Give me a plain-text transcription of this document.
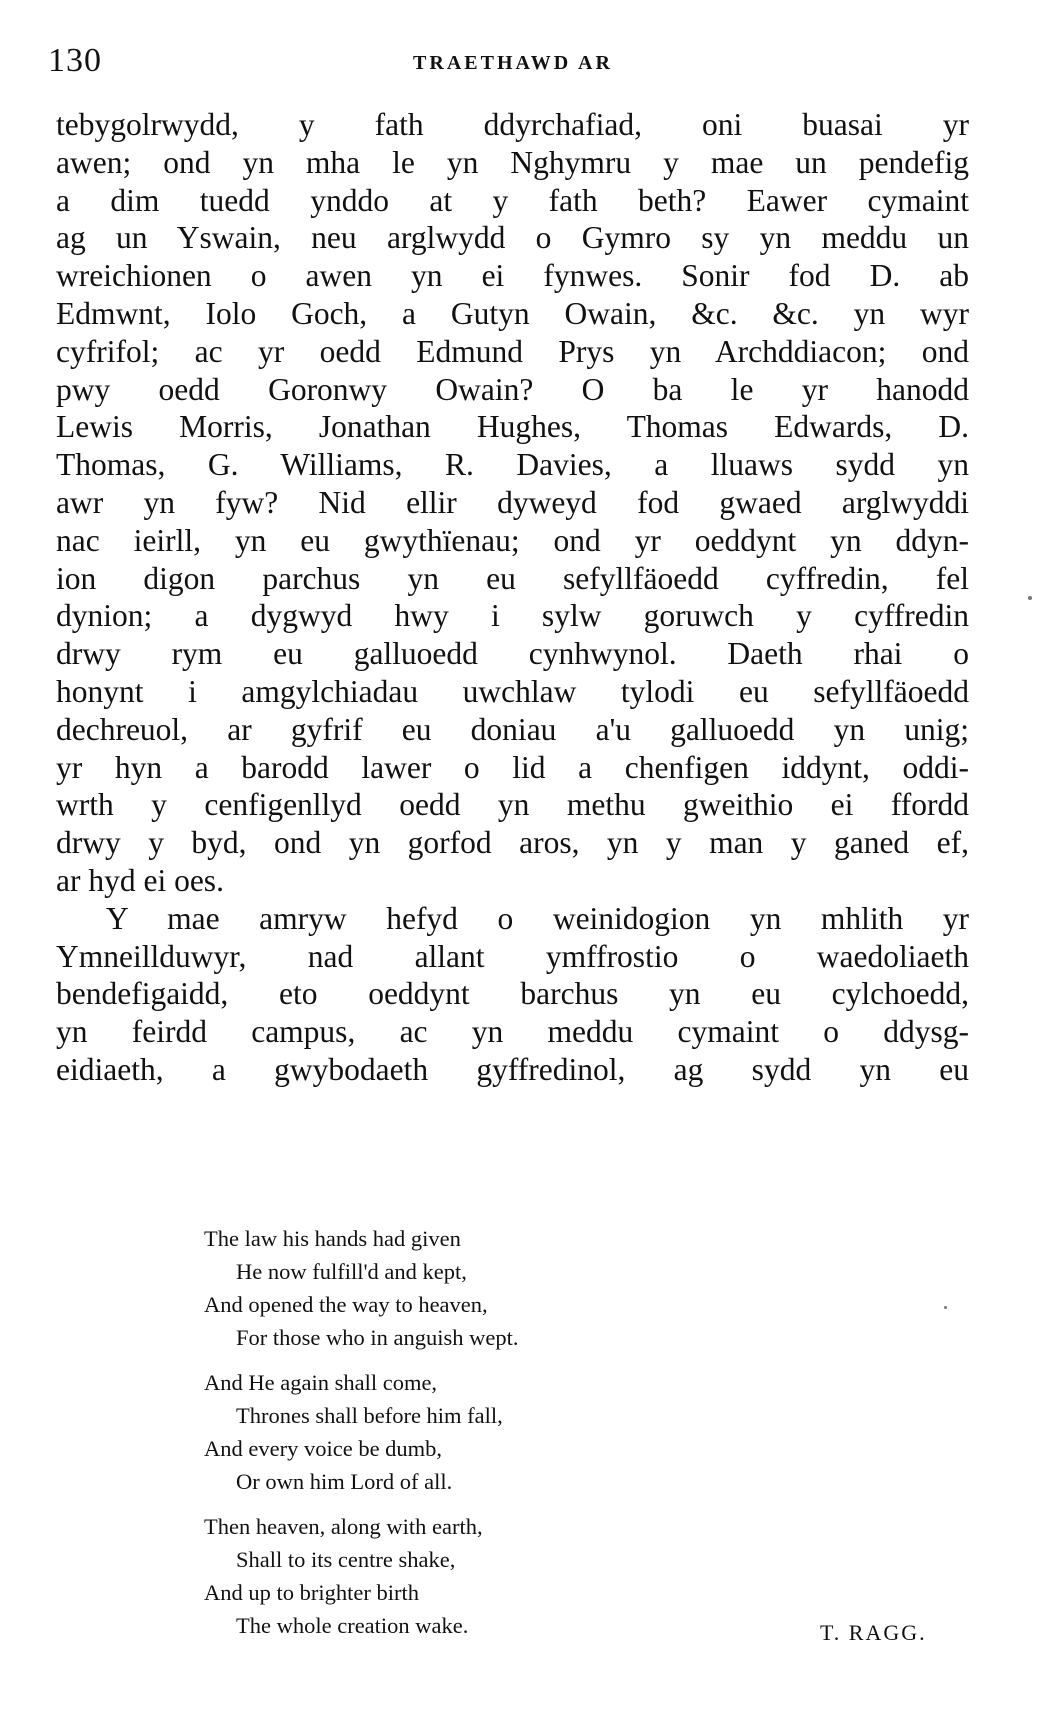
130	TRAETHAWD AR
tebygolrwydd, y fath ddyrchafiad, oni buasai yr
awen; ond yn mha le yn Nghymru y mae un pendefig
a dim tuedd ynddo at y fath beth? Eawer cymaint
ag un Yswain, neu arglwydd o Gymro sy yn meddu un
wreichionen o awen yn ei fynwes. Sonir fod D. ab
Edmwnt, Iolo Goch, a Gutyn Owain, &c. &c. yn wyr
cyfrifol; ac yr oedd Edmund Prys yn Archddiacon; ond
pwy oedd Goronwy Owain? O ba le yr hanodd
Lewis Morris, Jonathan Hughes, Thomas Edwards, D.
Thomas, G. Williams, R. Davies, a lluaws sydd yn
awr yn fyw? Nid ellir dyweyd fod gwaed arglwyddi
nac ieirll, yn eu gwythïenau; ond yr oeddynt yn ddyn-
ion digon parchus yn eu sefyllfäoedd cyffredin, fel
dynion; a dygwyd hwy i sylw goruwch y cyffredin
drwy rym eu galluoedd cynhwynol. Daeth rhai o
honynt i amgylchiadau uwchlaw tylodi eu sefyllfäoedd
dechreuol, ar gyfrif eu doniau a'u galluoedd yn unig;
yr hyn a barodd lawer o lid a chenfigen iddynt, oddi-
wrth y cenfigenllyd oedd yn methu gweithio ei ffordd
drwy y byd, ond yn gorfod aros, yn y man y ganed ef,
ar hyd ei oes.
Y mae amryw hefyd o weinidogion yn mhlith yr
Ymneillduwyr, nad allant ymffrostio o waedoliaeth
bendefigaidd, eto oeddynt barchus yn eu cylchoedd,
yn feirdd campus, ac yn meddu cymaint o ddysg-
eidiaeth, a gwybodaeth gyffredinol, ag sydd yn eu
The law his hands had given
He now fulfill'd and kept,
And opened the way to heaven,
For those who in anguish wept.
And He again shall come,
Thrones shall before him fall,
And every voice be dumb,
Or own him Lord of all.
Then heaven, along with earth,
Shall to its centre shake,
And up to brighter birth
The whole creation wake.	T. RAGG.
